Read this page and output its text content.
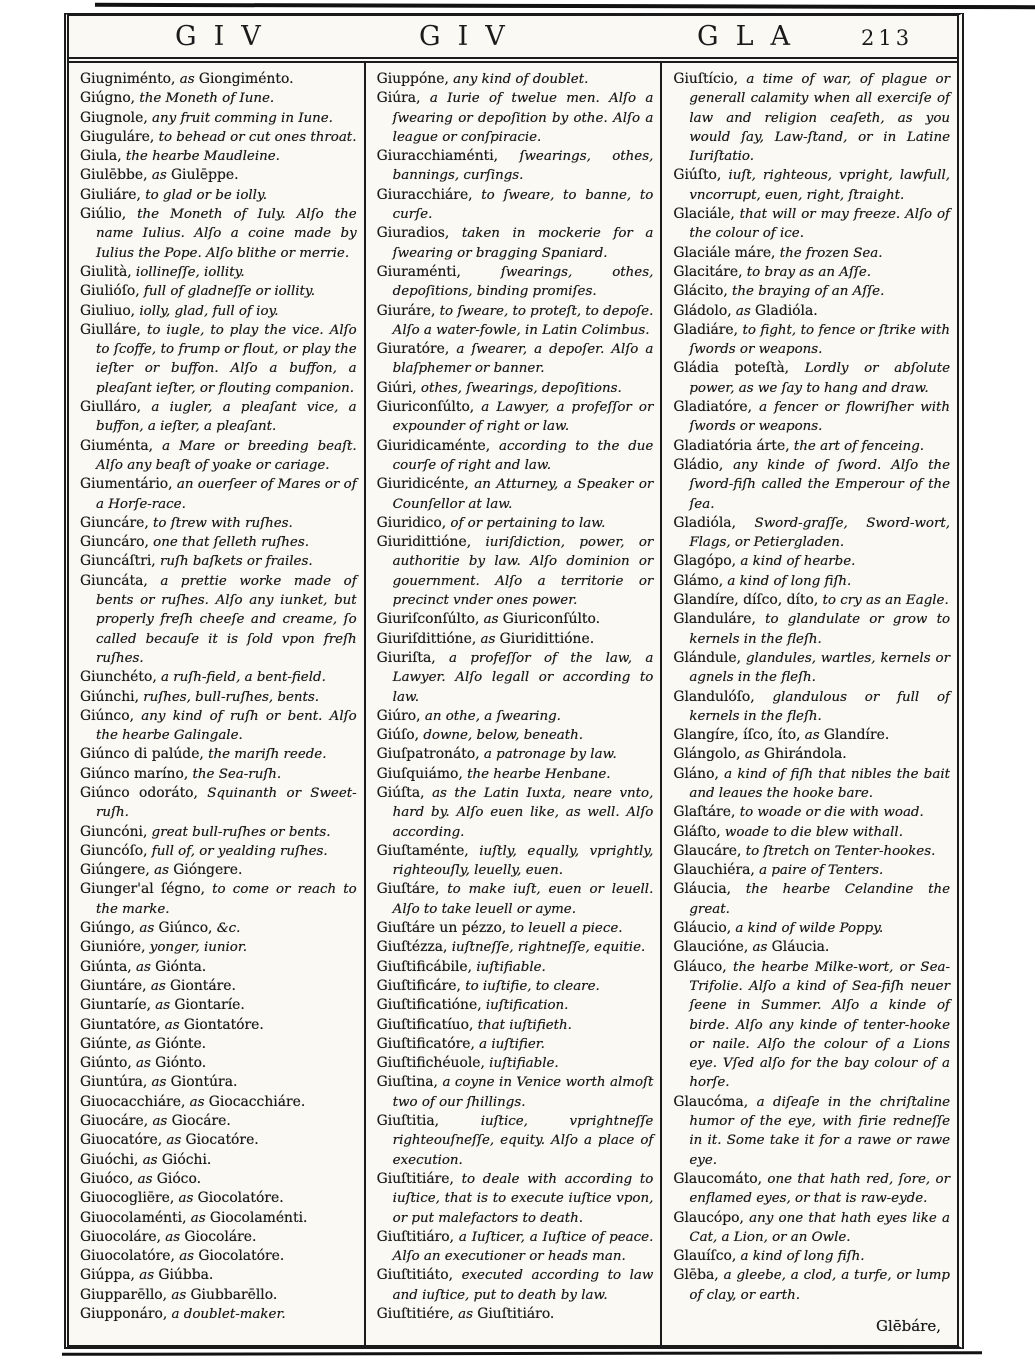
GIV	GIV	GLA	213

Giugniménto, as Giongiménto.

Giúgno, the Moneth of Iune.

Giugnole, any fruit comming in Iune.

Giuguláre, to behead or cut ones throat.

Giula, the hearbe Maudleine.

Giulēbbe, as Giulēppe.

Giuliáre, to glad or be iolly.

Giúlio, the Moneth of Iuly. Alſo the name Iulius. Alſo a coine made by Iulius the Pope. Alſo blithe or merrie.

Giulità, iollineſſe, iollity.

Giulióſo, full of gladneſſe or iollity.

Giuliuo, iolly, glad, full of ioy.

Giulláre, to iugle, to play the vice. Alſo to ſcoffe, to frump or flout, or play the ieſter or buffon. Alſo a buffon, a pleaſant ieſter, or flouting companion.

Giulláro, a iugler, a pleaſant vice, a buffon, a ieſter, a pleaſant.

Giuménta, a Mare or breeding beaſt. Alſo any beaſt of yoake or cariage.

Giumentário, an ouerſeer of Mares or of a Horſe-race.

Giuncáre, to ſtrew with ruſhes.

Giuncáro, one that ſelleth ruſhes.

Giuncáſtri, ruſh baſkets or frailes.

Giuncáta, a prettie worke made of bents or ruſhes. Alſo any iunket, but properly freſh cheeſe and creame, ſo called becauſe it is ſold vpon freſh ruſhes.

Giunchéto, a ruſh-field, a bent-field.

Giúnchi, ruſhes, bull-ruſhes, bents.

Giúnco, any kind of ruſh or bent. Alſo the hearbe Galingale.

Giúnco di palúde, the mariſh reede.

Giúnco maríno, the Sea-ruſh.

Giúnco odoráto, Squinanth or Sweet-ruſh.

Giuncóni, great bull-ruſhes or bents.

Giuncóſo, full of, or yealding ruſhes.

Giúngere, as Gióngere.

Giunger'al ſégno, to come or reach to the marke.

Giúngo, as Giúnco, &c.

Giunióre, yonger, iunior.

Giúnta, as Giónta.

Giuntáre, as Giontáre.

Giuntaríe, as Giontaríe.

Giuntatóre, as Giontatóre.

Giúnte, as Giónte.

Giúnto, as Giónto.

Giuntúra, as Giontúra.

Giuocacchiáre, as Giocacchiáre.

Giuocáre, as Giocáre.

Giuocatóre, as Giocatóre.

Giuóchi, as Gióchi.

Giuóco, as Gióco.

Giuocogliēre, as Giocolatóre.

Giuocolaménti, as Giocolaménti.

Giuocoláre, as Giocoláre.

Giuocolatóre, as Giocolatóre.

Giúppa, as Giúbba.

Giupparēllo, as Giubbarēllo.

Giupponáro, a doublet-maker.

Giuppóne, any kind of doublet.

Giúra, a Iurie of twelue men. Alſo a ſwearing or depoſition by othe. Alſo a league or conſpiracie.

Giuracchiaménti, ſwearings, othes, bannings, curſings.

Giuracchiáre, to ſweare, to banne, to curſe.

Giuradios, taken in mockerie for a ſwearing or bragging Spaniard.

Giuraménti, ſwearings, othes, depoſitions, binding promiſes.

Giuráre, to ſweare, to proteſt, to depoſe. Alſo a water-fowle, in Latin Colimbus.

Giuratóre, a ſwearer, a depoſer. Alſo a blaſphemer or banner.

Giúri, othes, ſwearings, depoſitions.

Giuriconſúlto, a Lawyer, a profeſſor or expounder of right or law.

Giuridicaménte, according to the due courſe of right and law.

Giuridicénte, an Atturney, a Speaker or Counſellor at law.

Giuridico, of or pertaining to law.

Giuridittióne, iuriſdiction, power, or authoritie by law. Alſo dominion or gouernment. Alſo a territorie or precinct vnder ones power.

Giuriſconſúlto, as Giuriconſúlto.

Giuriſdittióne, as Giuridittióne.

Giuriſta, a profeſſor of the law, a Lawyer. Alſo legall or according to law.

Giúro, an othe, a ſwearing.

Giúſo, downe, below, beneath.

Giuſpatronáto, a patronage by law.

Giuſquiámo, the hearbe Henbane.

Giúſta, as the Latin Iuxta, neare vnto, hard by. Alſo euen like, as well. Alſo according.

Giuſtaménte, iuſtly, equally, vprightly, righteouſly, leuelly, euen.

Giuſtáre, to make iuſt, euen or leuell. Alſo to take leuell or ayme.

Giuſtáre un pézzo, to leuell a piece.

Giuſtézza, iuſtneſſe, rightneſſe, equitie.

Giuſtificábile, iuſtifiable.

Giuſtificáre, to iuſtifie, to cleare.

Giuſtificatióne, iuſtification.

Giuſtificatíuo, that iuſtifieth.

Giuſtificatóre, a iuſtifier.

Giuſtifichéuole, iuſtifiable.

Giuſtina, a coyne in Venice worth almoſt two of our ſhillings.

Giuſtitia, iuſtice, vprightneſſe righteouſneſſe, equity. Alſo a place of execution.

Giuſtitiáre, to deale with according to iuſtice, that is to execute iuſtice vpon, or put malefactors to death.

Giuſtitiáro, a Iuſticer, a Iuſtice of peace. Alſo an executioner or heads man.

Giuſtitiáto, executed according to law and iuſtice, put to death by law.

Giuſtitiére, as Giuſtitiáro.

Giuſtício, a time of war, of plague or generall calamity when all exerciſe of law and religion ceaſeth, as you would ſay, Law-ſtand, or in Latine Iuriſtatio.

Giúſto, iuſt, righteous, vpright, lawfull, vncorrupt, euen, right, ſtraight.

Glaciále, that will or may freeze. Alſo of the colour of ice.

Glaciále máre, the frozen Sea.

Glacitáre, to bray as an Aſſe.

Glácito, the braying of an Aſſe.

Gládolo, as Gladióla.

Gladiáre, to fight, to fence or ſtrike with ſwords or weapons.

Gládia poteſtà, Lordly or abſolute power, as we ſay to hang and draw.

Gladiatóre, a fencer or flowriſher with ſwords or weapons.

Gladiatória árte, the art of fenceing.

Gládio, any kinde of ſword. Alſo the ſword-fiſh called the Emperour of the ſea.

Gladióla, Sword-graſſe, Sword-wort, Flags, or Petiergladen.

Glagópo, a kind of hearbe.

Glámo, a kind of long fiſh.

Glandíre, díſco, díto, to cry as an Eagle.

Glanduláre, to glandulate or grow to kernels in the fleſh.

Glándule, glandules, wartles, kernels or agnels in the fleſh.

Glandulóſo, glandulous or full of kernels in the fleſh.

Glangíre, íſco, íto, as Glandíre.

Glángolo, as Ghirándola.

Gláno, a kind of fiſh that nibles the bait and leaues the hooke bare.

Glaſtáre, to woade or die with woad.

Gláſto, woade to die blew withall.

Glaucáre, to ſtretch on Tenter-hookes.

Glauchiéra, a paire of Tenters.

Gláucia, the hearbe Celandine the great.

Gláucio, a kind of wilde Poppy.

Glaucióne, as Gláucia.

Gláuco, the hearbe Milke-wort, or Sea-Trifolie. Alſo a kind of Sea-fiſh neuer ſeene in Summer. Alſo a kinde of birde. Alſo any kinde of tenter-hooke or naile. Alſo the colour of a Lions eye. Vſed alſo for the bay colour of a horſe.

Glaucóma, a diſeaſe in the chriſtaline humor of the eye, with firie redneſſe in it. Some take it for a rawe or rawe eye.

Glaucomáto, one that hath red, ſore, or enflamed eyes, or that is raw-eyde.

Glaucópo, any one that hath eyes like a Cat, a Lion, or an Owle.

Glauíſco, a kind of long fiſh.

Glēba, a gleebe, a clod, a turfe, or lump of clay, or earth.

Glēbáre,
